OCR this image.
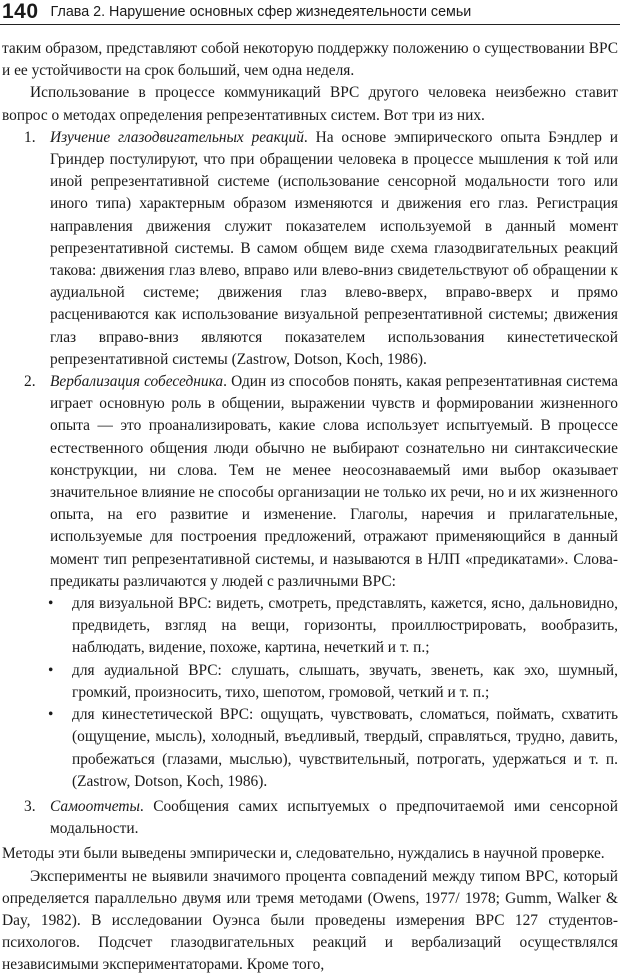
140 Глава 2. Нарушение основных сфер жизнедеятельности семьи

таким образом, представляют собой некоторую поддержку положению о существовании ВРС и ее устойчивости на срок больший, чем одна неделя.

Использование в процессе коммуникаций ВРС другого человека неизбежно ставит вопрос о методах определения репрезентативных систем. Вот три из них.

1. Изучение глазодвигательных реакций. На основе эмпирического опыта Бэндлер и Гриндер постулируют, что при обращении человека в процессе мышления к той или иной репрезентативной системе (использование сенсорной модальности того или иного типа) характерным образом изменяются и движения его глаз. Регистрация направления движения служит показателем используемой в данный момент репрезентативной системы. В самом общем виде схема глазодвигательных реакций такова: движения глаз влево, вправо или влево-вниз свидетельствуют об обращении к аудиальной системе; движения глаз влево-вверх, вправо-вверх и прямо расцениваются как использование визуальной репрезентативной системы; движения глаз вправо-вниз являются показателем использования кинестетической репрезентативной системы (Zastrow, Dotson, Koch, 1986).
2. Вербализация собеседника. Один из способов понять, какая репрезентативная система играет основную роль в общении, выражении чувств и формировании жизненного опыта — это проанализировать, какие слова использует испытуемый. В процессе естественного общения люди обычно не выбирают сознательно ни синтаксические конструкции, ни слова. Тем не менее неосознаваемый ими выбор оказывает значительное влияние не способы организации не только их речи, но и их жизненного опыта, на его развитие и изменение. Глаголы, наречия и прилагательные, используемые для построения предложений, отражают применяющийся в данный момент тип репрезентативной системы, и называются в НЛП «предикатами». Слова-предикаты различаются у людей с различными ВРС:
• для визуальной ВРС: видеть, смотреть, представлять, кажется, ясно, дальновидно, предвидеть, взгляд на вещи, горизонты, проиллюстрировать, вообразить, наблюдать, видение, похоже, картина, нечеткий и т. п.;
• для аудиальной ВРС: слушать, слышать, звучать, звенеть, как эхо, шумный, громкий, произносить, тихо, шепотом, громовой, четкий и т. п.;
• для кинестетической ВРС: ощущать, чувствовать, сломаться, поймать, схватить (ощущение, мысль), холодный, въедливый, твердый, справляться, трудно, давить, пробежаться (глазами, мыслью), чувствительный, потрогать, удержаться и т. п. (Zastrow, Dotson, Koch, 1986).
3. Самоотчеты. Сообщения самих испытуемых о предпочитаемой ими сенсорной модальности.

Методы эти были выведены эмпирически и, следовательно, нуждались в научной проверке.

Эксперименты не выявили значимого процента совпадений между типом ВРС, который определяется параллельно двумя или тремя методами (Owens, 1977/ 1978; Gumm, Walker & Day, 1982). В исследовании Оуэнса были проведены измерения ВРС 127 студентов-психологов. Подсчет глазодвигательных реакций и вербализаций осуществлялся независимыми экспериментаторами. Кроме того,
